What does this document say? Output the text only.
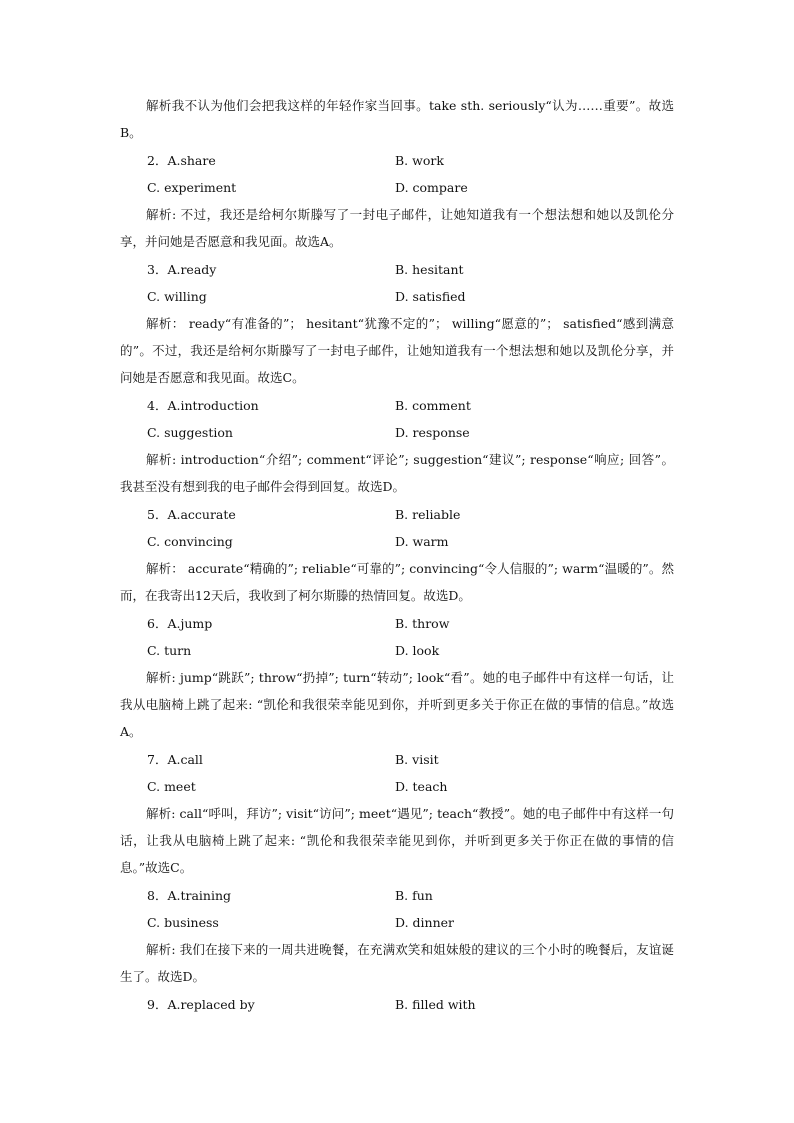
解析我不认为他们会把我这样的年轻作家当回事。take sth. seriously“认为……重要”。故选B。

2．A.share	B. work
C. experiment	D. compare

解析: 不过，我还是给柯尔斯滕写了一封电子邮件，让她知道我有一个想法想和她以及凯伦分享，并问她是否愿意和我见面。故选A。

3．A.ready	B. hesitant
C. willing	D. satisfied

解析： ready“有准备的”； hesitant“犹豫不定的”； willing“愿意的”； satisfied“感到满意的”。不过，我还是给柯尔斯滕写了一封电子邮件，让她知道我有一个想法想和她以及凯伦分享，并问她是否愿意和我见面。故选C。

4．A.introduction	B. comment
C. suggestion	D. response

解析: introduction“介绍”; comment“评论”; suggestion“建议”; response“响应; 回答”。我甚至没有想到我的电子邮件会得到回复。故选D。

5．A.accurate	B. reliable
C. convincing	D. warm

解析： accurate“精确的”; reliable“可靠的”; convincing“令人信服的”; warm“温暖的”。然而，在我寄出12天后，我收到了柯尔斯滕的热情回复。故选D。

6．A.jump	B. throw
C. turn	D. look

解析: jump“跳跃”; throw“扔掉”; turn“转动”; look“看”。她的电子邮件中有这样一句话，让我从电脑椅上跳了起来: “凯伦和我很荣幸能见到你，并听到更多关于你正在做的事情的信息。”故选A。

7．A.call	B. visit
C. meet	D. teach

解析: call“呼叫，拜访”; visit“访问”; meet“遇见”; teach“教授”。她的电子邮件中有这样一句话，让我从电脑椅上跳了起来: “凯伦和我很荣幸能见到你，并听到更多关于你正在做的事情的信息。”故选C。

8．A.training	B. fun
C. business	D. dinner

解析: 我们在接下来的一周共进晚餐，在充满欢笑和姐妹般的建议的三个小时的晚餐后，友谊诞生了。故选D。

9．A.replaced by	B. filled with
